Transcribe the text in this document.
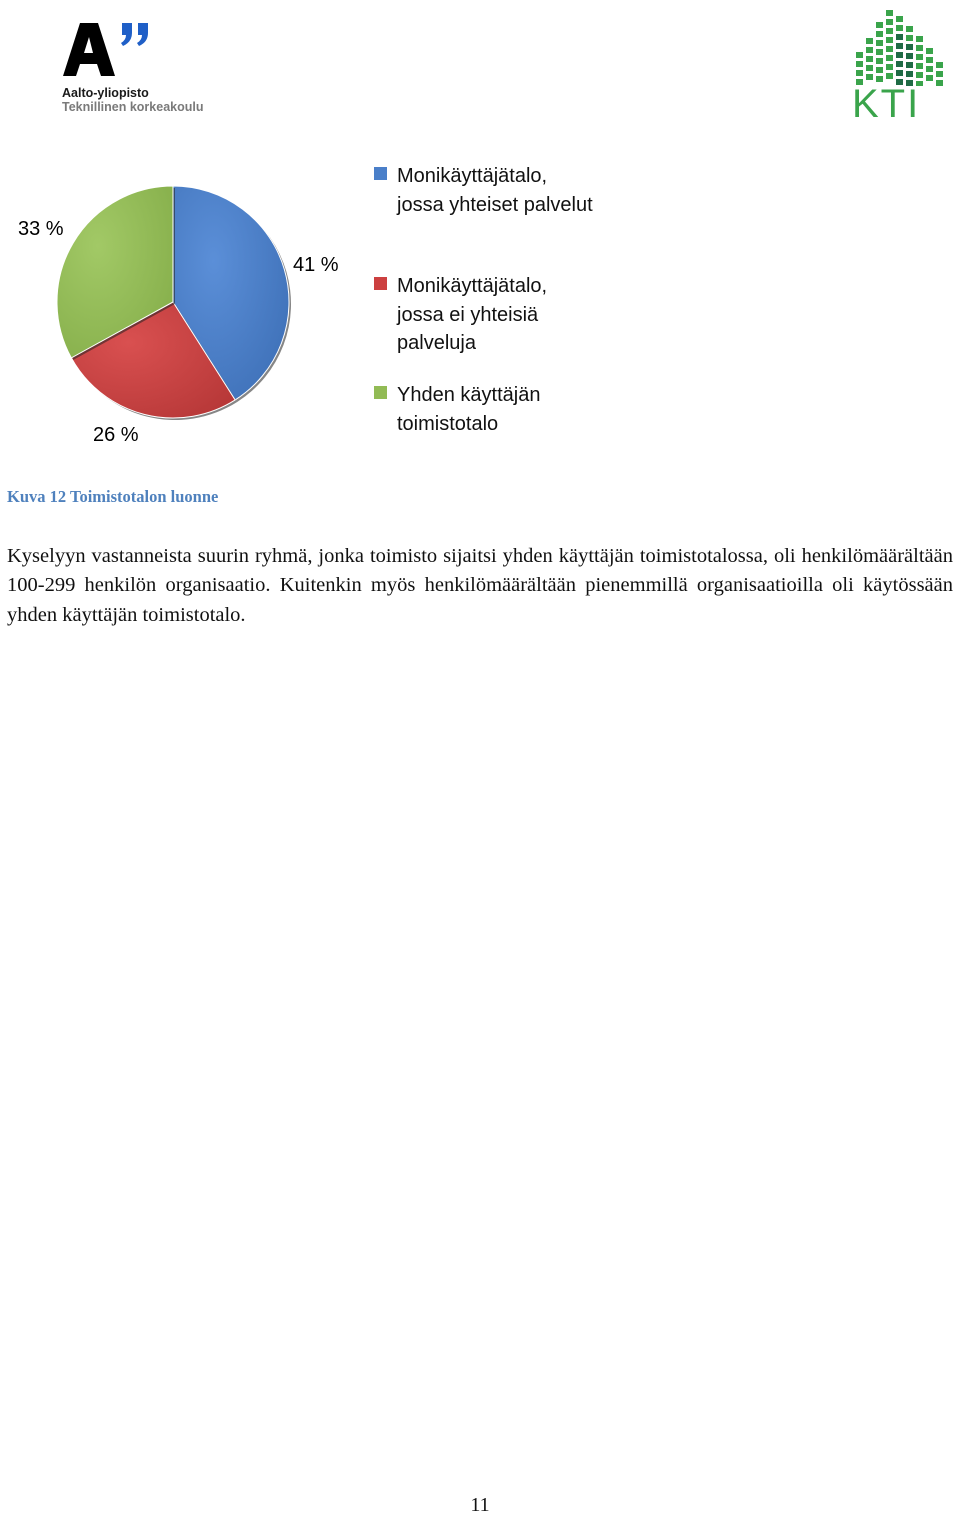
Aalto-yliopisto
Teknillinen korkeakoulu	KTI
33 %
41 %
26 %
Monikäyttäjätalo,
jossa yhteiset palvelut
Monikäyttäjätalo,
jossa ei yhteisiä
palveluja
Yhden käyttäjän
toimistotalo
Kuva 12 Toimistotalon luonne
Kyselyyn vastanneista suurin ryhmä, jonka toimisto sijaitsi yhden käyttäjän toimistotalossa, oli henkilömäärältään 100-299 henkilön organisaatio. Kuitenkin myös henkilömäärältään pienemmillä organisaatioilla oli käytössään yhden käyttäjän toimistotalo.
11
